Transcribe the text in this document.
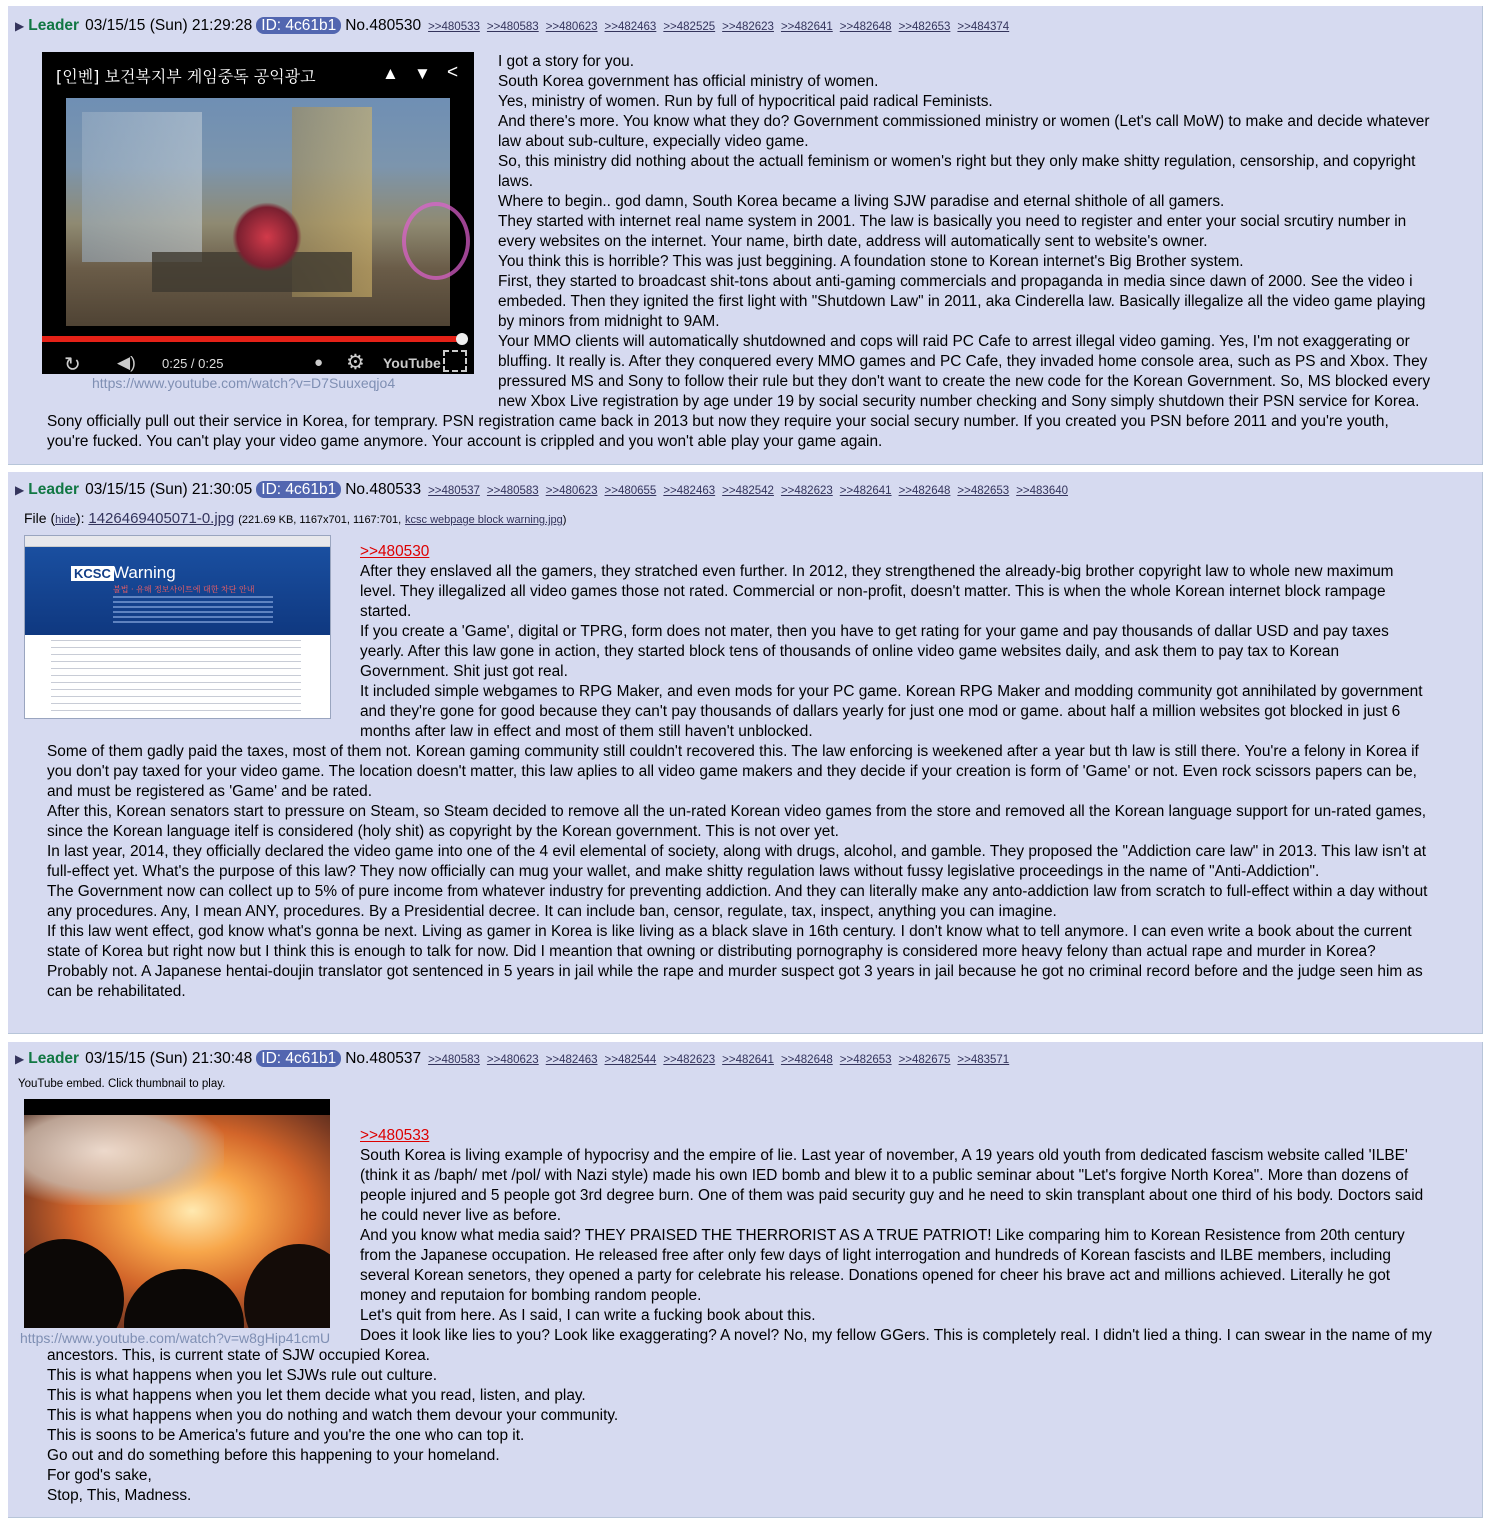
▶ Leader 03/15/15 (Sun) 21:29:28 ID: 4c61b1 No.480530 >>480533 >>480583 >>480623 >>482463 >>482525 >>482623 >>482641 >>482648 >>482653 >>484374
[인벤] 보건복지부 게임중독 공익광고	▲ ▼ <
↻ ◀) 0:25 / 0:25	● ⚙ YouTube
https://www.youtube.com/watch?v=D7Suuxeqjo4

I got a story for you.

South Korea government has official ministry of women.

Yes, ministry of women. Run by full of hypocritical paid radical Feminists.

And there's more. You know what they do? Government commissioned ministry or women (Let's call MoW) to make and decide whatever law about sub-culture, expecially video game.

So, this ministry did nothing about the actuall feminism or women's right but they only make shitty regulation, censorship, and copyright laws.

Where to begin.. god damn, South Korea became a living SJW paradise and eternal shithole of all gamers.

They started with internet real name system in 2001. The law is basically you need to register and enter your social srcutiry number in every websites on the internet. Your name, birth date, address will automatically sent to website's owner.

You think this is horrible? This was just beggining. A foundation stone to Korean internet's Big Brother system.

First, they started to broadcast shit-tons about anti-gaming commercials and propaganda in media since dawn of 2000. See the video i embeded. Then they ignited the first light with "Shutdown Law" in 2011, aka Cinderella law. Basically illegalize all the video game playing by minors from midnight to 9AM.

Your MMO clients will automatically shutdowned and cops will raid PC Cafe to arrest illegal video gaming. Yes, I'm not exaggerating or bluffing. It really is. After they conquered every MMO games and PC Cafe, they invaded home console area, such as PS and Xbox. They pressured MS and Sony to follow their rule but they don't want to create the new code for the Korean Government. So, MS blocked every new Xbox Live registration by age under 19 by social security number checking and Sony simply shutdown their PSN service for Korea.

Sony officially pull out their service in Korea, for temprary. PSN registration came back in 2013 but now they require your social secury number. If you created you PSN before 2011 and you're youth, you're fucked. You can't play your video game anymore. Your account is crippled and you won't able play your game again.

▶ Leader 03/15/15 (Sun) 21:30:05 ID: 4c61b1 No.480533 >>480537 >>480583 >>480623 >>480655 >>482463 >>482542 >>482623 >>482641 >>482648 >>482653 >>483640
File (hide): 1426469405071-0.jpg (221.69 KB, 1167x701, 1167:701, kcsc webpage block warning.jpg)
KCSC Warning
불법 · 유해 정보사이트에 대한 차단 안내

>>480530

After they enslaved all the gamers, they stratched even further. In 2012, they strengthened the already-big brother copyright law to whole new maximum level. They illegalized all video games those not rated. Commercial or non-profit, doesn't matter. This is when the whole Korean internet block rampage started.

If you create a 'Game', digital or TPRG, form does not mater, then you have to get rating for your game and pay thousands of dallar USD and pay taxes yearly. After this law gone in action, they started block tens of thousands of online video game websites daily, and ask them to pay tax to Korean Government. Shit just got real.

It included simple webgames to RPG Maker, and even mods for your PC game. Korean RPG Maker and modding community got annihilated by government and they're gone for good because they can't pay thousands of dallars yearly for just one mod or game. about half a million websites got blocked in just 6 months after law in effect and most of them still haven't unblocked.

Some of them gadly paid the taxes, most of them not. Korean gaming community still couldn't recovered this. The law enforcing is weekened after a year but th law is still there. You're a felony in Korea if you don't pay taxed for your video game. The location doesn't matter, this law aplies to all video game makers and they decide if your creation is form of 'Game' or not. Even rock scissors papers can be, and must be registered as 'Game' and be rated.

After this, Korean senators start to pressure on Steam, so Steam decided to remove all the un-rated Korean video games from the store and removed all the Korean language support for un-rated games, since the Korean language itelf is considered (holy shit) as copyright by the Korean government. This is not over yet.

In last year, 2014, they officially declared the video game into one of the 4 evil elemental of society, along with drugs, alcohol, and gamble. They proposed the "Addiction care law" in 2013. This law isn't at full-effect yet. What's the purpose of this law? They now officially can mug your wallet, and make shitty regulation laws without fussy legislative proceedings in the name of "Anti-Addiction".

The Government now can collect up to 5% of pure income from whatever industry for preventing addiction. And they can literally make any anto-addiction law from scratch to full-effect within a day without any procedures. Any, I mean ANY, procedures. By a Presidential decree. It can include ban, censor, regulate, tax, inspect, anything you can imagine.

If this law went effect, god know what's gonna be next. Living as gamer in Korea is like living as a black slave in 16th century. I don't know what to tell anymore. I can even write a book about the current state of Korea but right now but I think this is enough to talk for now. Did I meantion that owning or distributing pornography is considered more heavy felony than actual rape and murder in Korea? Probably not. A Japanese hentai-doujin translator got sentenced in 5 years in jail while the rape and murder suspect got 3 years in jail because he got no criminal record before and the judge seen him as can be rehabilitated.

▶ Leader 03/15/15 (Sun) 21:30:48 ID: 4c61b1 No.480537 >>480583 >>480623 >>482463 >>482544 >>482623 >>482641 >>482648 >>482653 >>482675 >>483571
YouTube embed. Click thumbnail to play.
https://www.youtube.com/watch?v=w8gHip41cmU

>>480533

South Korea is living example of hypocrisy and the empire of lie. Last year of november, A 19 years old youth from dedicated fascism website called 'ILBE' (think it as /baph/ met /pol/ with Nazi style) made his own IED bomb and blew it to a public seminar about "Let's forgive North Korea". More than dozens of people injured and 5 people got 3rd degree burn. One of them was paid security guy and he need to skin transplant about one third of his body. Doctors said he could never live as before.

And you know what media said? THEY PRAISED THE THERRORIST AS A TRUE PATRIOT! Like comparing him to Korean Resistence from 20th century from the Japanese occupation. He released free after only few days of light interrogation and hundreds of Korean fascists and ILBE members, including several Korean senetors, they opened a party for celebrate his release. Donations opened for cheer his brave act and millions achieved. Literally he got money and reputaion for bombing random people.

Let's quit from here. As I said, I can write a fucking book about this.

Does it look like lies to you? Look like exaggerating? A novel? No, my fellow GGers. This is completely real. I didn't lied a thing. I can swear in the name of my ancestors. This, is current state of SJW occupied Korea.

This is what happens when you let SJWs rule out culture.

This is what happens when you let them decide what you read, listen, and play.

This is what happens when you do nothing and watch them devour your community.

This is soons to be America's future and you're the one who can top it.

Go out and do something before this happening to your homeland.

For god's sake,

Stop, This, Madness.
